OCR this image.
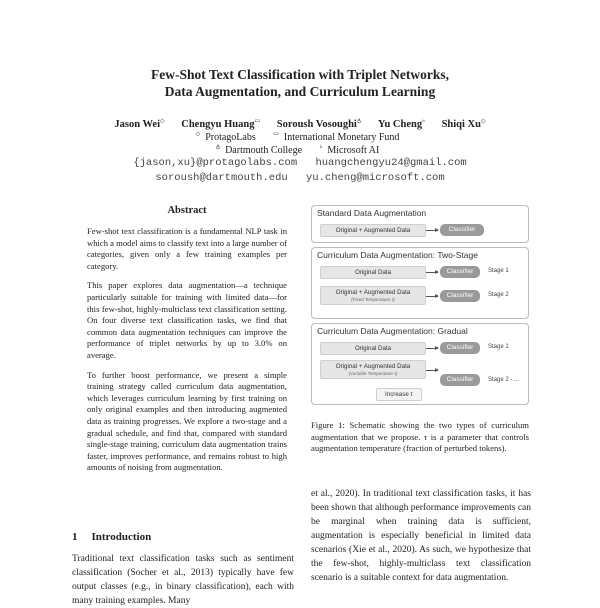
Few-Shot Text Classification with Triplet Networks,
Data Augmentation, and Curriculum Learning
Jason Wei◇ Chengyu Huang▭ Soroush Vosoughi♁ Yu Cheng♭ Shiqi Xu◇
◇ ProtagoLabs	▭ International Monetary Fund
♁ Dartmouth College	♭ Microsoft AI
{jason,xu}@protagolabs.com huangchengyu24@gmail.com
soroush@dartmouth.edu yu.cheng@microsoft.com
Abstract

Few-shot text classification is a fundamental NLP task in which a model aims to classify text into a large number of categories, given only a few training examples per category.

This paper explores data augmentation—a technique particularly suitable for training with limited data—for this few-shot, highly-multiclass text classification setting. On four diverse text classification tasks, we find that common data augmentation techniques can improve the performance of triplet networks by up to 3.0% on average.

To further boost performance, we present a simple training strategy called curriculum data augmentation, which leverages curriculum learning by first training on only original examples and then introducing augmented data as training progresses. We explore a two-stage and a gradual schedule, and find that, compared with standard single-stage training, curriculum data augmentation trains faster, improves performance, and remains robust to high amounts of noising from augmentation.

1 Introduction
Traditional text classification tasks such as sentiment classification (Socher et al., 2013) typically have few output classes (e.g., in binary classification), each with many training examples. Many
Standard Data Augmentation
Original + Augmented Data	Classifier
Curriculum Data Augmentation: Two-Stage
Original Data	Classifier	Stage 1
Original + Augmented Data
(Fixed Temperature τ)
Classifier	Stage 2
Curriculum Data Augmentation: Gradual
Original Data	Classifier	Stage 1
Original + Augmented Data
(Variable Temperature τ)
Classifier	Stage 2 - ...
Increase τ
Figure 1: Schematic showing the two types of curriculum augmentation that we propose. τ is a parameter that controls augmentation temperature (fraction of perturbed tokens).
et al., 2020). In traditional text classification tasks, it has been shown that although performance improvements can be marginal when training data is sufficient, augmentation is especially beneficial in limited data scenarios (Xie et al., 2020). As such, we hypothesize that the few-shot, highly-multiclass text classification scenario is a suitable context for data augmentation.
